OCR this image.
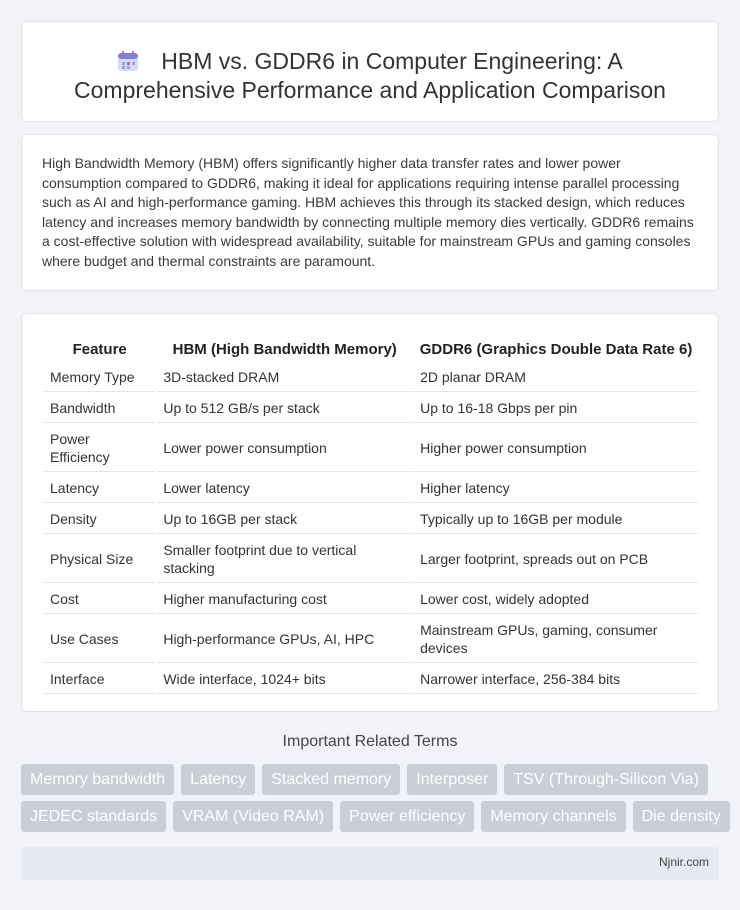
HBM vs. GDDR6 in Computer Engineering: A
Comprehensive Performance and Application Comparison

High Bandwidth Memory (HBM) offers significantly higher data transfer rates and lower power consumption compared to GDDR6, making it ideal for applications requiring intense parallel processing such as AI and high-performance gaming. HBM achieves this through its stacked design, which reduces latency and increases memory bandwidth by connecting multiple memory dies vertically. GDDR6 remains a cost-effective solution with widespread availability, suitable for mainstream GPUs and gaming consoles where budget and thermal constraints are paramount.

Feature	HBM (High Bandwidth Memory)	GDDR6 (Graphics Double Data Rate 6)
Memory Type	3D-stacked DRAM	2D planar DRAM
Bandwidth	Up to 512 GB/s per stack	Up to 16-18 Gbps per pin
Power Efficiency	Lower power consumption	Higher power consumption
Latency	Lower latency	Higher latency
Density	Up to 16GB per stack	Typically up to 16GB per module
Physical Size	Smaller footprint due to vertical stacking	Larger footprint, spreads out on PCB
Cost	Higher manufacturing cost	Lower cost, widely adopted
Use Cases	High-performance GPUs, AI, HPC	Mainstream GPUs, gaming, consumer devices
Interface	Wide interface, 1024+ bits	Narrower interface, 256-384 bits
Important Related Terms
Memory bandwidth	Latency	Stacked memory	Interposer	TSV (Through-Silicon Via)
JEDEC standards	VRAM (Video RAM)	Power efficiency	Memory channels	Die density
Njnir.com
